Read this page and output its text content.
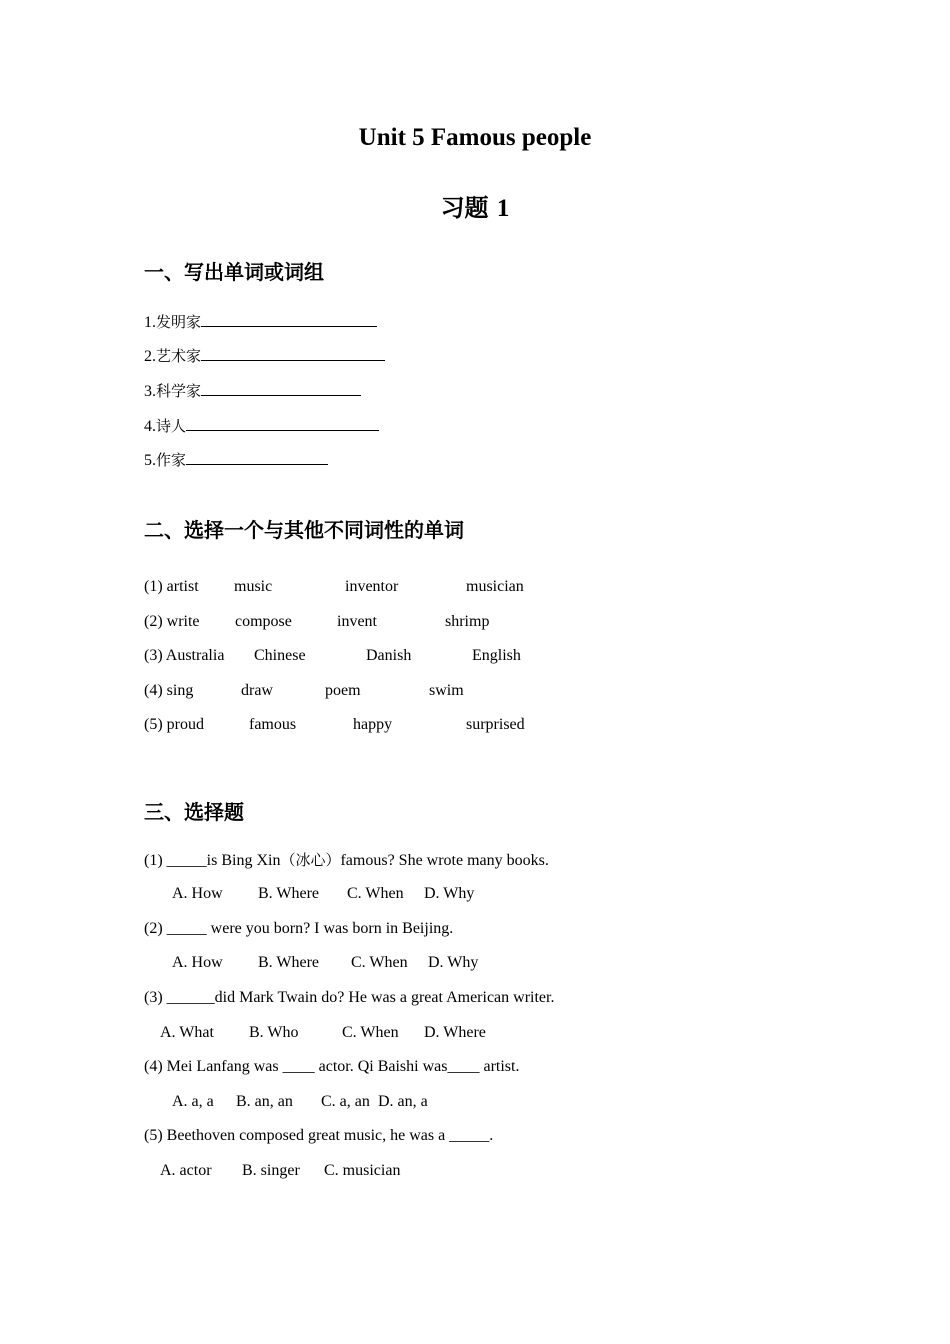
Unit 5 Famous people
习题 1
一、写出单词或词组
1.发明家
2.艺术家
3.科学家
4.诗人
5.作家
二、选择一个与其他不同词性的单词
(1) artist music	inventor	musician
(2) write compose	invent	shrimp
(3) Australia Chinese	Danish	English
(4) sing	draw	poem	swim
(5) proud	famous	happy	surprised
三、选择题
(1) _____is Bing Xin（冰心）famous? She wrote many books.
A. How B. Where C. When D. Why
(2) _____ were you born? I was born in Beijing.
A. How B. Where C. When D. Why
(3) ______did Mark Twain do? He was a great American writer.
A. What B. Who	C. When D. Where
(4) Mei Lanfang was ____ actor. Qi Baishi was____ artist.
A. a, a B. an, an C. a, an D. an, a
(5) Beethoven composed great music, he was a _____.
A. actor B. singer C. musician
